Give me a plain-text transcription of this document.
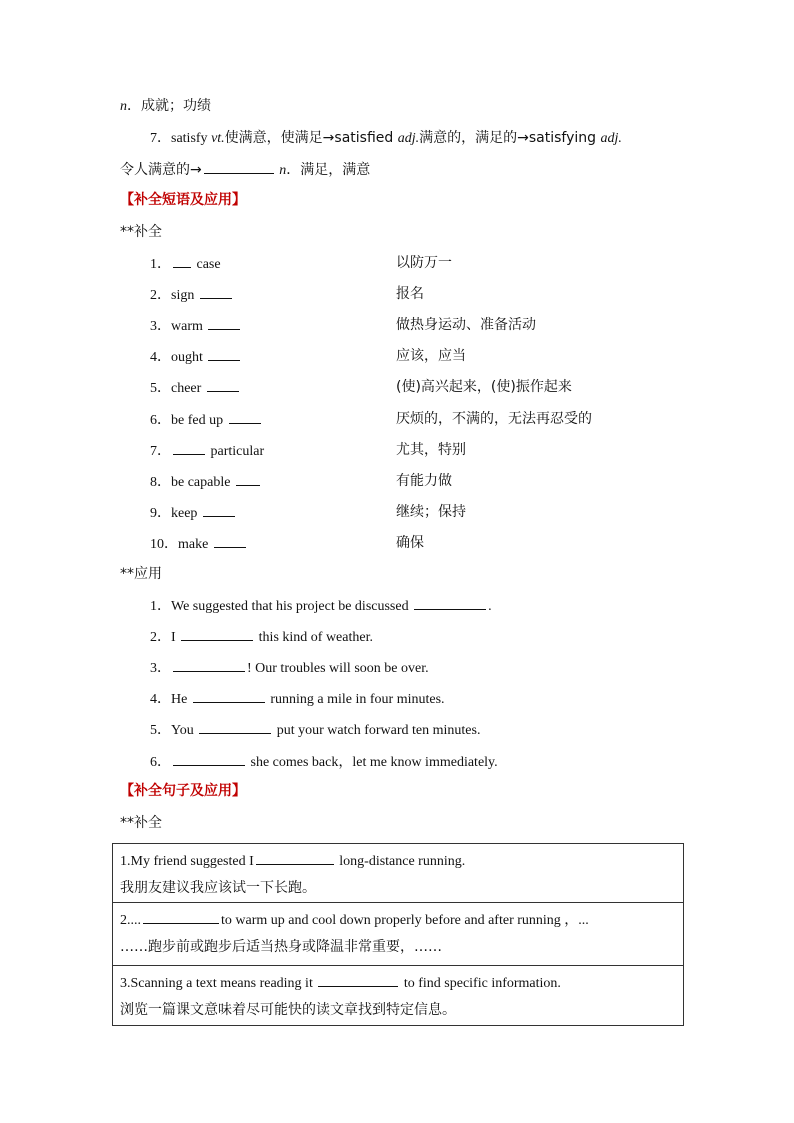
n．成就；功绩
7．satisfy vt.使满意，使满足→satisfied adj.满意的，满足的→satisfying adj.
令人满意的→	n．满足，满意
【补全短语及应用】
**补全
1． case	以防万一
2．sign	报名
3．warm	做热身运动、准备活动
4．ought	应该，应当
5．cheer	(使)高兴起来，(使)振作起来
6．be fed up	厌烦的，不满的，无法再忍受的
7．	particular	尤其，特别
8．be capable	有能力做
9．keep	继续；保持
10．make	确保
**应用
1．We suggested that his project be discussed	.
2．I	this kind of weather.
3．	! Our troubles will soon be over.
4．He	running a mile in four minutes.
5．You	put your watch forward ten minutes.
6．	she comes back，let me know immediately.
【补全句子及应用】
**补全
1.My friend suggested I	long-distance running.
我朋友建议我应该试一下长跑。
2....	to warm up and cool down properly before and after running ，...
……跑步前或跑步后适当热身或降温非常重要，……
3.Scanning a text means reading it	to find specific information.
浏览一篇课文意味着尽可能快的读文章找到特定信息。
